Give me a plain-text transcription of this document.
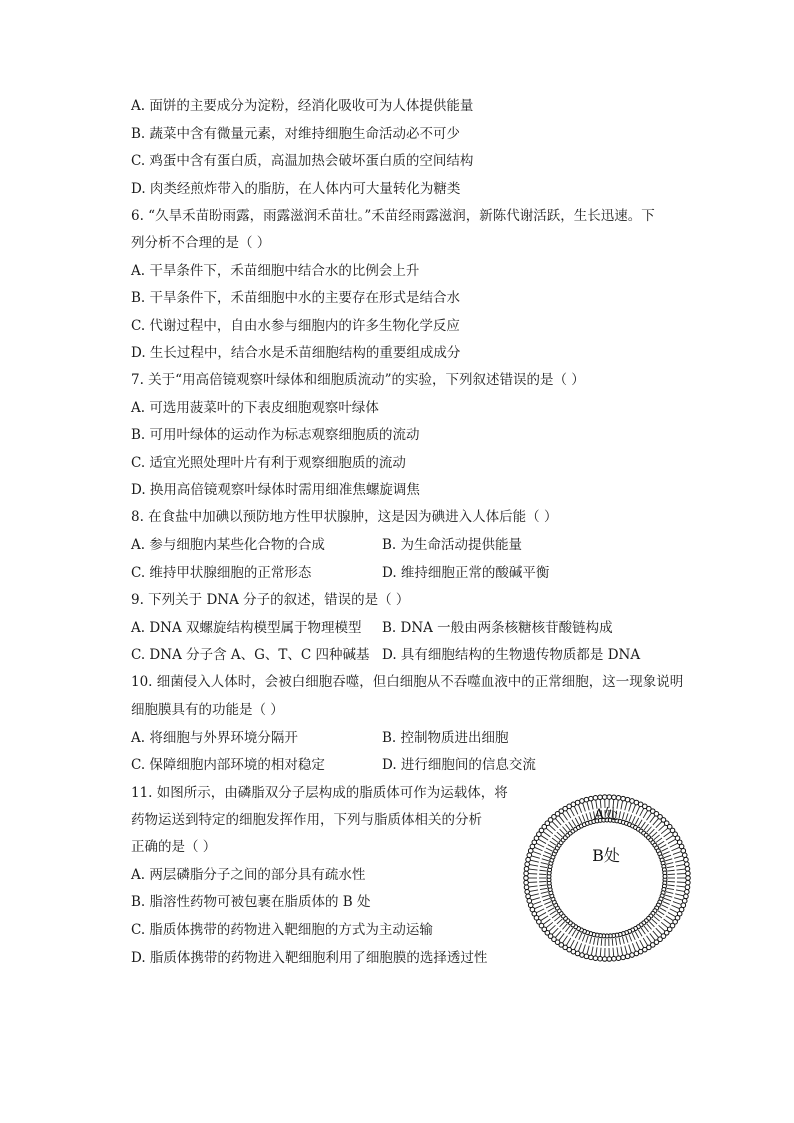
A. 面饼的主要成分为淀粉，经消化吸收可为人体提供能量
B. 蔬菜中含有微量元素，对维持细胞生命活动必不可少
C. 鸡蛋中含有蛋白质，高温加热会破坏蛋白质的空间结构
D. 肉类经煎炸带入的脂肪，在人体内可大量转化为糖类
6. “久旱禾苗盼雨露，雨露滋润禾苗壮。”禾苗经雨露滋润，新陈代谢活跃，生长迅速。下
列分析不合理的是（ ）
A. 干旱条件下，禾苗细胞中结合水的比例会上升
B. 干旱条件下，禾苗细胞中水的主要存在形式是结合水
C. 代谢过程中，自由水参与细胞内的许多生物化学反应
D. 生长过程中，结合水是禾苗细胞结构的重要组成成分
7. 关于“用高倍镜观察叶绿体和细胞质流动”的实验，下列叙述错误的是（ ）
A. 可选用菠菜叶的下表皮细胞观察叶绿体
B. 可用叶绿体的运动作为标志观察细胞质的流动
C. 适宜光照处理叶片有利于观察细胞质的流动
D. 换用高倍镜观察叶绿体时需用细准焦螺旋调焦
8. 在食盐中加碘以预防地方性甲状腺肿，这是因为碘进入人体后能（ ）
A. 参与细胞内某些化合物的合成	B. 为生命活动提供能量
C. 维持甲状腺细胞的正常形态	D. 维持细胞正常的酸碱平衡
9. 下列关于 DNA 分子的叙述，错误的是（ ）
A. DNA 双螺旋结构模型属于物理模型 B. DNA 一般由两条核糖核苷酸链构成
C. DNA 分子含 A、G、T、C 四种碱基 D. 具有细胞结构的生物遗传物质都是 DNA
10. 细菌侵入人体时，会被白细胞吞噬，但白细胞从不吞噬血液中的正常细胞，这一现象说明
细胞膜具有的功能是（ ）
A. 将细胞与外界环境分隔开	B. 控制物质进出细胞
C. 保障细胞内部环境的相对稳定	D. 进行细胞间的信息交流
11. 如图所示，由磷脂双分子层构成的脂质体可作为运载体，将
药物运送到特定的细胞发挥作用，下列与脂质体相关的分析
正确的是（ ）
A. 两层磷脂分子之间的部分具有疏水性
B. 脂溶性药物可被包裹在脂质体的 B 处
C. 脂质体携带的药物进入靶细胞的方式为主动运输
D. 脂质体携带的药物进入靶细胞利用了细胞膜的选择透过性
A处
B处
